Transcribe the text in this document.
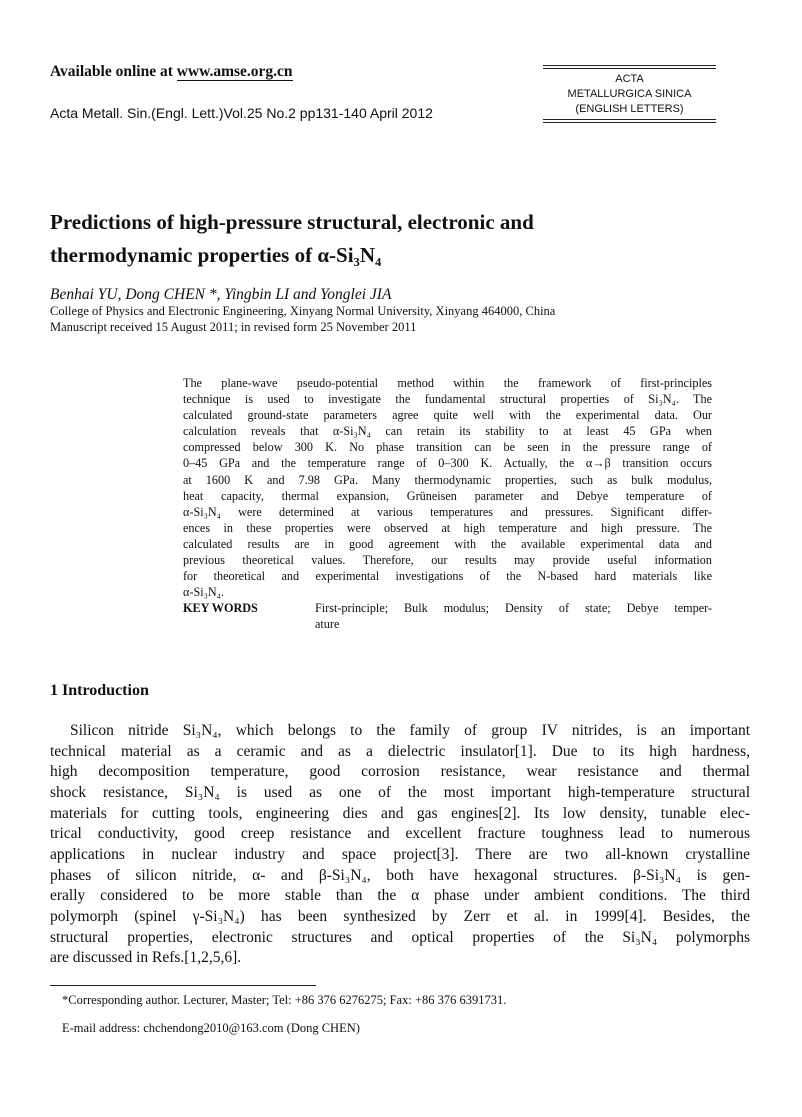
Available online at www.amse.org.cn
Acta Metall. Sin.(Engl. Lett.)Vol.25 No.2 pp131-140 April 2012
ACTA
METALLURGICA SINICA
(ENGLISH LETTERS)
Predictions of high-pressure structural, electronic and
thermodynamic properties of α-Si₃N₄
Benhai YU, Dong CHEN *, Yingbin LI and Yonglei JIA
College of Physics and Electronic Engineering, Xinyang Normal University, Xinyang 464000, China
Manuscript received 15 August 2011; in revised form 25 November 2011
The plane-wave pseudo-potential method within the framework of first-principles
technique is used to investigate the fundamental structural properties of Si₃N₄. The
calculated ground-state parameters agree quite well with the experimental data. Our
calculation reveals that α-Si₃N₄ can retain its stability to at least 45 GPa when
compressed below 300 K. No phase transition can be seen in the pressure range of
0–45 GPa and the temperature range of 0–300 K. Actually, the α→β transition occurs
at 1600 K and 7.98 GPa. Many thermodynamic properties, such as bulk modulus,
heat capacity, thermal expansion, Grüneisen parameter and Debye temperature of
α-Si₃N₄ were determined at various temperatures and pressures. Significant differ-
ences in these properties were observed at high temperature and high pressure. The
calculated results are in good agreement with the available experimental data and
previous theoretical values. Therefore, our results may provide useful information
for theoretical and experimental investigations of the N-based hard materials like
α-Si₃N₄.
KEY WORDS	First-principle; Bulk modulus; Density of state; Debye temper-
ature
1 Introduction
Silicon nitride Si₃N₄, which belongs to the family of group IV nitrides, is an important
technical material as a ceramic and as a dielectric insulator[1]. Due to its high hardness,
high decomposition temperature, good corrosion resistance, wear resistance and thermal
shock resistance, Si₃N₄ is used as one of the most important high-temperature structural
materials for cutting tools, engineering dies and gas engines[2]. Its low density, tunable elec-
trical conductivity, good creep resistance and excellent fracture toughness lead to numerous
applications in nuclear industry and space project[3]. There are two all-known crystalline
phases of silicon nitride, α- and β-Si₃N₄, both have hexagonal structures. β-Si₃N₄ is gen-
erally considered to be more stable than the α phase under ambient conditions. The third
polymorph (spinel γ-Si₃N₄) has been synthesized by Zerr et al. in 1999[4]. Besides, the
structural properties, electronic structures and optical properties of the Si₃N₄ polymorphs
are discussed in Refs.[1,2,5,6].
*Corresponding author. Lecturer, Master; Tel: +86 376 6276275; Fax: +86 376 6391731.
E-mail address: chchendong2010@163.com (Dong CHEN)
